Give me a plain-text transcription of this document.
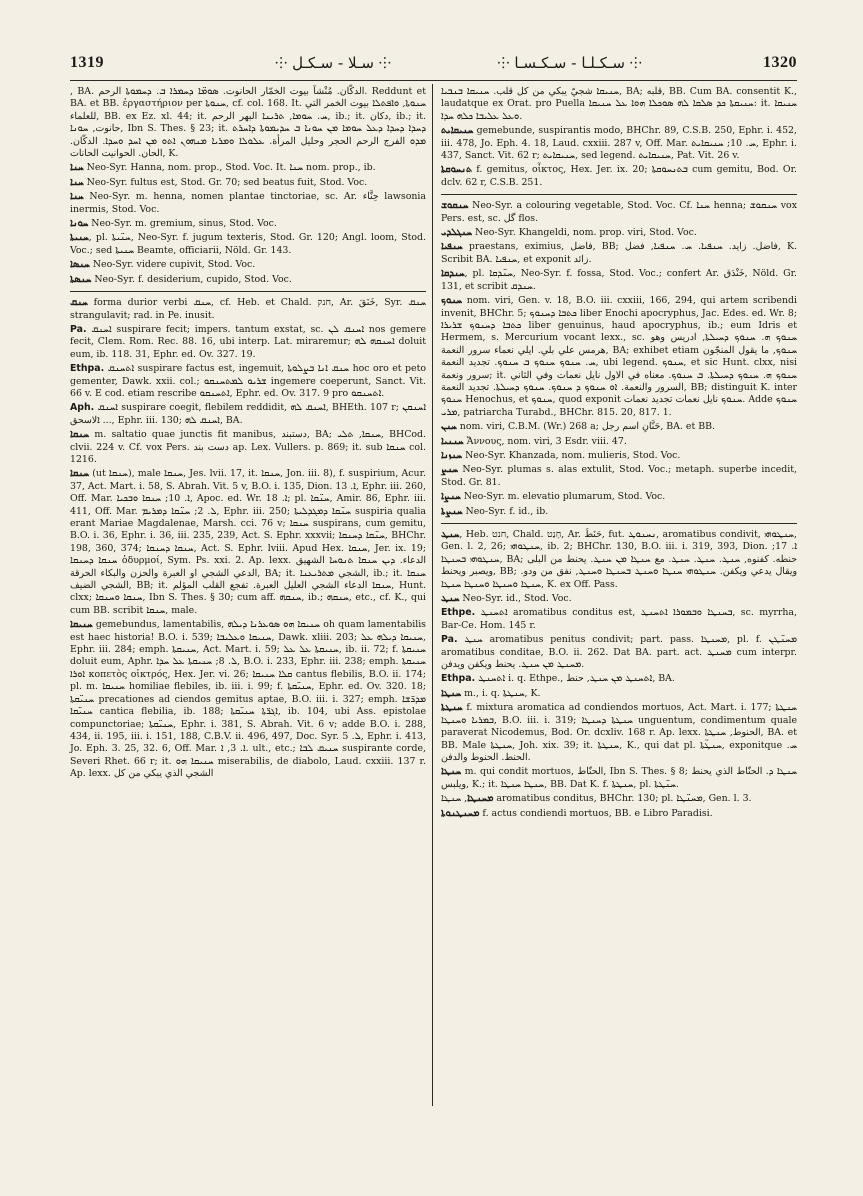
1319	⸭ سـلا - سـكـل ⸭	⸭ سـكـلـا - سـكـسـا ⸭	1320

, BA. الدكّان. مُنْشآ بيوت الخمّار الحانوت. ܣܘܡ̈ܐ ܕܚܡܪܐ ܒ. ܕܚܡܘܬܐ الرحم. Reddunt et BA. et BB. ἐργαστήριον per ܚܢܘܬܐ, cf. col. 168. It. ܚܢܘܬܐ, ܘܐܦܬܠܐ بيوت الخمر التي للعلماء, BB. ex Ez. xl. 44; it. ܚ. ܚܘܡܐ, ܬܪܝܢܐ البهر الرحم, ib.; it. دكان, ib.; it. حانوت, ܚܘܢܐ, Ibn S. Thes. § 23; it. ܕܚܕܐ ܕܚܕܐ ܕܥܠ ܚܘܡܐ ܡܢ ܚܘܢܐ ܒ ܚܕܝܡܘܬܐ ܕܐܚܪܬ ܡܕܘ الفرج الرحم الحجر وحليل المرأة. ܥܠܘܠܐ ܘܡܪܝܐ ܡܢܗܘܢ ܐܬܘ ܡܢ ܐܚܕ ܘܚܕܐ. الدكّان. الحان. الحوانيت الحانات, K.

ܚܢܐ Neo-Syr. Hanna, nom. prop., Stod. Voc. It. ܚܢܐ nom. prop., ib.

ܚܢܐ Neo-Syr. fultus est, Stod. Gr. 70; sed beatus fuit, Stod. Voc.

ܚܢܐ Neo-Syr. m. henna, nomen plantae tinctoriae, sc. Ar. حِنَّاء lawsonia inermis, Stod. Voc.

ܚܘܢܐ Neo-Syr. m. gremium, sinus, Stod. Voc.

ܚܢܝܬܐ, pl. ܚܢ̈ܝܬܐ, Neo-Syr. f. jugum texteris, Stod. Gr. 120; Angl. loom, Stod. Voc.; sed ܚܢܝܬܐ Beamte, officiarii, Nöld. Gr. 143.

ܚܢܣܐ Neo-Syr. videre cupivit, Stod. Voc.

ܚܢܣܬܐ Neo-Syr. f. desiderium, cupido, Stod. Voc.

ܚܢܩ forma durior verbi ܚܢܩ, cf. Heb. et Chald. חנק, Ar. خَنَقَ, Syr. ܚܢܩ strangulavit; rad. in Pe. inusit.

Pa. ܐܚܢܩ suspirare fecit; impers. tantum exstat, sc. ܐܚܢܩ ܠܢ nos gemere fecit, Clem. Rom. Rec. 88. 16, ubi interp. Lat. miraremur; ܐܚܢܩܗ ܠܗ doluit eum, ib. 118. 31, Ephr. ed. Ov. 327. 19.

Ethpa. ܐܬܚܢܩ suspirare factus est, ingemuit, ܚܢܩ ܐܢܐ ܒܨܠܘܬܐ hoc oro et peto gementer, Dawk. xxii. col.; ܫܪܝܘ ܠܡܬܚܢܩܘ ingemere coeperunt, Sanct. Vit. 66 v. E cod. etiam rescribe ܐܬܚܢܩܘ, Ephr. ed. Ov. 317. 9 pro ܐܬܚܢܩܘ.

Aph. ܐܚܢܩ suspirare coegit, flebilem reddidit, ܐܚܢܩ ܠܗ, BHEth. 107 r; ܐܚܢܩܢ ... ܐلاسحق, Ephr. iii. 130; ܐܚܢܩ ܠܗ, BA.

ܚܢܩܐ m. saltatio quae junctis fit manibus, دستبند, BA; ܚܢܩܐ, ܬܠܝ, BHCod. clvii. 224 v. Cf. vox Pers. دست بند ap. Lex. Vullers. p. 869; it. sub ܚܢܩܐ col. 1216.

ܚܢܩܐ (ut ܚܢܩܐ), male ܚܢܩܐ, Jes. lvii. 17, it. ܚܢܩܐ, Jon. iii. 8), f. suspirium, Acur. 37, Act. Mart. i. 58, S. Abrah. Vit. 5 v, B.O. i. 135, Dion. ܐ. 13, Ephr. iii. 260, Off. Mar. ܐ. 10; ܚܢܩܐ ܘܒܟܝܐ, Apoc. ed. Wr. ܐ. 18; pl. ܚܢ̈ܩܐ, Amir. 86, Ephr. iii. 411, Off. Mar. ܠ. 2; ܚܢ̈ܩܐ ܕܡܪܝܡ, Ephr. iii. 250; ܚܢ̈ܩܐ ܕܡܓܕܠܝܬܐ suspiria qualia erant Mariae Magdalenae, Marsh. cci. 76 v; ܚܢܩܐ suspirans, cum gemitu, B.O. i. 36, Ephr. i. 36, iii. 235, 239, Act. S. Ephr. xxxvii; ܚܢ̈ܩܐ ܕܚܢܩܐ, BHChr. 198, 360, 374; ܚܢܩܐ ܕܚܢܩܐ, Act. S. Ephr. lviii. Apud Hex. ܚܢܩܐ, Jer. ix. 19; ܚܢܩܐ ܕܚܢܩܐ ὀδυρμοί, Sym. Ps. xxi. 2. Ap. lexx. الدعاء. ܕܝܢ ܚܢܩܐ ܬܢܘܚܐ الشهيق الدعي الشجي او العبرة والحزن والبكاء الحرقة, BA; it. الشجي ܡܬܪܝܥܢܐ, ib.; it. ܚܢܩܐ الشجي الضيف, BB; it. ܚܢܩܐ الدعاء الشجي العليل العبرة. تفجع القلب المؤلم, Hunt. clxx; ܚܢܩܐ ܘܚܢܩܐ, Ibn S. Thes. § 30; cum aff. ܚܢܩܗ, ib.; ܚܢܩܗ, etc., cf. K., qui cum BB. scribit ܚܢܩܐ, male.

ܚܢܝܩܐ gemebundus, lamentabilis, ܚܢܝܩܐ ܗܘ ܣܘܥܪܢܐ ܕܝܠܗ oh quam lamentabilis est haec historia! B.O. i. 539; ܚܢܝܩܐ ܘܥܠܝܒܐ, Dawk. xliii. 203; ܚܢܝܩܐ ܕܝܠܗ ܥܠ, Ephr. iii. 284; emph. ܚܢܝܩܬܐ, Act. Mart. i. 59; ܚܢܝܩܬܐ ܥܠ ܥܠ, ib. ii. 72; f. ܚܢܝܩܬܐ doluit eum, Aphr. ܠ. 8; ܚܢܝܩܬܐ ܥܠ ܚܕܐ, B.O. i. 233, Ephr. iii. 238; emph. ܚܢܝܩܬܐ ܐܘܪܐ κοπετὸς οἰκτρός, Hex. Jer. vi. 26; ܩܠܐ ܚܢܝܩܐ cantus flebilis, B.O. ii. 174; pl. m. ܚܢܝܩܐ homiliae flebiles, ib. iii. i. 99; f. ܚܢܝ̈ܩܬܐ, Ephr. ed. Ov. 320. 18; ܚܢܝ̈ܩܬܐ precationes ad ciendos gemitus aptae, B.O. iii. i. 327; emph. ܡܕܪ̈ܫܐ ܚܢܝ̈ܩܐ cantica flebilia, ib. 188; ܐܓܪ̈ܬܐ ܚܢܝ̈ܩܬܐ, ib. 104, ubi Ass. epistolae compunctoriae; ܚܢܝ̈ܩܬܐ, Ephr. i. 381, S. Abrah. Vit. 6 v; adde B.O. i. 288, 434, ii. 195, iii. i. 151, 188, C.B.V. ii. 496, 497, Doc. Syr. ܠ. 5, Ephr. i. 413, Jo. Eph. 3. 25, 32. 6, Off. Mar. ܐ. 3, ܐ. ult., etc.; ܚܢܝܩ ܠܒܐ suspirante corde, Severi Rhet. 66 r; it. ܚܢܝܩܐ ܗܘ miserabilis, de diabolo, Laud. cxxiii. 137 r. Ap. lexx. الشجي الذي يبكي من كل

ܚܢܝܩܐ شجيّ يبكي من كل قلب. ܚܢܝܩܐ ܒܢܒܝܐ, BA; قلبه, BB. Cum BA. consentit K., laudatque ex Orat. pro Puella ܚܢܝܩܬܐ ܟܕ ܣܠܩܐ ܠܗ ܣܘܟܠܐ ܗܘܐ ܥܠ ܚܢܝܩܐ: it. ܚܢܝܩܐ ܘܥܠ ܥܠܝܒܐ ܟܠܗ ܚܕܐ.

ܚܢܝܩܐܝܬ gemebunde, suspirantis modo, BHChr. 89, C.S.B. 250, Ephr. i. 452, iii. 478, Jo. Eph. 4. 18, Laud. cxxiii. 287 v, Off. Mar. ܚ. 10; ܚܢܝܩܐܝܬ, Ephr. i. 437, Sanct. Vit. 62 r; ܚܢܝܩܐܝܬ, sed legend. ܚܢܝܩܐܝܬ, Pat. Vit. 26 v.

ܬܢܚܘܩܬܐ f. gemitus, οἶκτος, Hex. Jer. ix. 20; ܒܬܢܚܘܩܬܐ cum gemitu, Bod. Or. dclv. 62 r, C.S.B. 251.

ܚܢܩܘܫ Neo-Syr. a colouring vegetable, Stod. Voc. Cf. ܚܢܐ henna; ܚܢܩܘܫ vox Pers. est, sc. گل flos.

ܚܢܓܠܕܝ Neo-Syr. Khangeldi, nom. prop. viri, Stod. Voc.

ܚܢܦܝܐ praestans, eximius, فاضل, BB; فاضل. زايد. ܚܢܦܝܐ. ܚ. ܚܢܦܝܐ, فضل, K. Scribit BA. ܚܢܦܝܐ, et exponit زائد.

ܚܢܕܩܐ, pl. ܚܢ̈ܕܩܐ, Neo-Syr. f. fossa, Stod. Voc.; confert Ar. خَنْدَق, Nöld. Gr. 131, et scribit ܚܢܕܩ.

ܚܢܘܟ nom. viri, Gen. v. 18, B.O. iii. cxxiii, 166, 294, qui artem scribendi invenit, BHChr. 5; ܟܬܒܐ ܕܚܢܘܟ liber Enochi apocryphus, Jac. Edes. ed. Wr. 8; ܟܬܒܐ ܕܚܢܘܟ ܫܪܝܪܐ liber genuinus, haud apocryphus, ib.; eum Idris et Hermem, s. Mercurium vocant lexx., sc. ܚܢܘܟ ܗ. ܚܢܘܟ ܕܚܝܠܬܐ, ادريس وهو هرمس علي بلي. ايلي نعماء سرور النعمة, BA; exhibet etiam ܚܢܘܟ, ما يقول المنجّون ܚ. ܚܢܘܟ ܚܢܘܟ ܒ ܚܢܘܟ. تجديد النعمة, ubi legend. ܚܢܘܟ, et sic Hunt. clxx, nisi سرور ونعمة; it. ܚܢܘܟ ܗ. ܚܢܘܟ ܕܚܝܠܬܐ. ܒ ܚܢܘܟ. معناه في الاول نايل نعمات وفي الثاني السرور والنعمة. ܐܘ ܚܢܘܟ ܕ ܚܢܘܟ. ܚܢܘܟ ܕܚܝܠܬܐ. تجديد النعمة, BB; distinguit K. inter ܚܢܘܟ Henochus, et ܚܢܘܟ, quod exponit ܚܢܘܟ نايل نعمات تجديد نعمات. Adde ܚܢܘܟ ܡܪܝ, patriarcha Turabd., BHChr. 815. 20, 817. 1.

ܚܢܢ nom. viri, C.B.M. (Wr.) 268 a; حَنَّانِ اسم رجل, BA. et BB.

ܚܢܢܝܐ Ἄννους, nom. viri, 3 Esdr. viii. 47.

ܚܢܙܢܐ Neo-Syr. Khanzada, nom. mulieris, Stod. Voc.

ܚܢܨ Neo-Syr. plumas s. alas extulit, Stod. Voc.; metaph. superbe incedit, Stod. Gr. 81.

ܚܢܨܐ Neo-Syr. m. elevatio plumarum, Stod. Voc.

ܚܢܨܬܐ Neo-Syr. f. id., ib.

ܚܢܛ, Heb. חנט, Chald. חָנַט, Ar. حَنَطَ, fut. ܢܚܢܘܛ, aromatibus condivit, ܚܢܛܘܗܝ, Gen. l. 2, 26; ܚܢܛܘܗܝ, ib. 2; BHChr. 130, B.O. iii. i. 319, 393, Dion. ܐ. 17; ܚܢܛܘܗܝ ܒܚܢܛܐ, BA; حنطه. كفنوه, ܚܢܛ. ܚܢܛ. ܚܢܛ. مع ܚܢܛܐ ܡܢ ܚܢܛ. يحنط من البلى ويصبر ويحنط, BB; ويقال يدعي ويكفن. ܚܢܛܘܗܝ ܚܢܛܐ ܘܚܢܛ ܒܚܢܛܐ ܘܚܢܛ, نفق من ودو. ܚܢܛܐ ܘܚܢܛܐ ܘܚܢܛܐ ܚܢܛܐ, K. ex Off. Pass.

ܚܢܛ Neo-Syr. id., Stod. Voc.

Ethpe. ܐܬܚܢܛ aromatibus conditus est, ܒܚܢܛܐ ܘܒܡܘܪܐ ܐܬܚܢܛ, sc. myrrha, Bar-Ce. Hom. 145 r.

Pa. ܚܢܛ aromatibus penitus condivit; part. pass. ܡܚܢܛܐ, pl. f. ܡܚܢ̈ܛܢ aromatibus conditae, B.O. ii. 262. Dat BA. part. act. ܡܚܢܛ cum interpr. ܡܚܢܛ ܡܢ ܚܢܛ. يحنط ويكفن ويدفن.

Ethpa. ܐܬܚܢܛ i. q. Ethpe., ܐܬܚܢܛ ܡܢ ܚܢܛ, حنط, BA.

ܚܢܛܐ m., i. q. ܚܢܛܬܐ, K.

ܚܢܛܬܐ f. mixtura aromatica ad condiendos mortuos, Act. Mart. i. 177; ܚܢܛܬܐ ܒܡܪܝܐ ܘܚܢܛܐ, B.O. iii. i. 319; ܚܢܛܬܐ ܕܚܢܛܐ unguentum, condimentum quale paraverat Nicodemus, Bod. Or. dcxliv. 168 r. Ap. lexx. الحنوط, ܚܢܛܬܐ, BA. et BB. Male ܚܢܛܬܐ, Joh. xix. 39; it. ܚܢܛܬܐ, K., qui dat pl. ܚܢܛ̈ܬܐ, exponitque ܚ. الحنط. الحنوط والدفن.

ܚܢܛܐ m. qui condit mortuos, الحنّاط, Ibn S. Thes. § 8; ܚܢܛܐ ܕ. الحنّاط الذي يحنط ويلبس, K.; it. ܚܢܛܐ ܚܢܛܐ, BB. Dat K. f. ܚܢܛܬܐ, pl. ܚܢ̈ܛܬܐ.

ܡܚܢܛܐ, ܚܢܛܐ aromatibus conditus, BHChr. 130; pl. ܡܚܢ̈ܛܐ, Gen. l. 3.

ܡܚܢܛܢܘܬܐ f. actus condiendi mortuos, BB. e Libro Paradisi.
